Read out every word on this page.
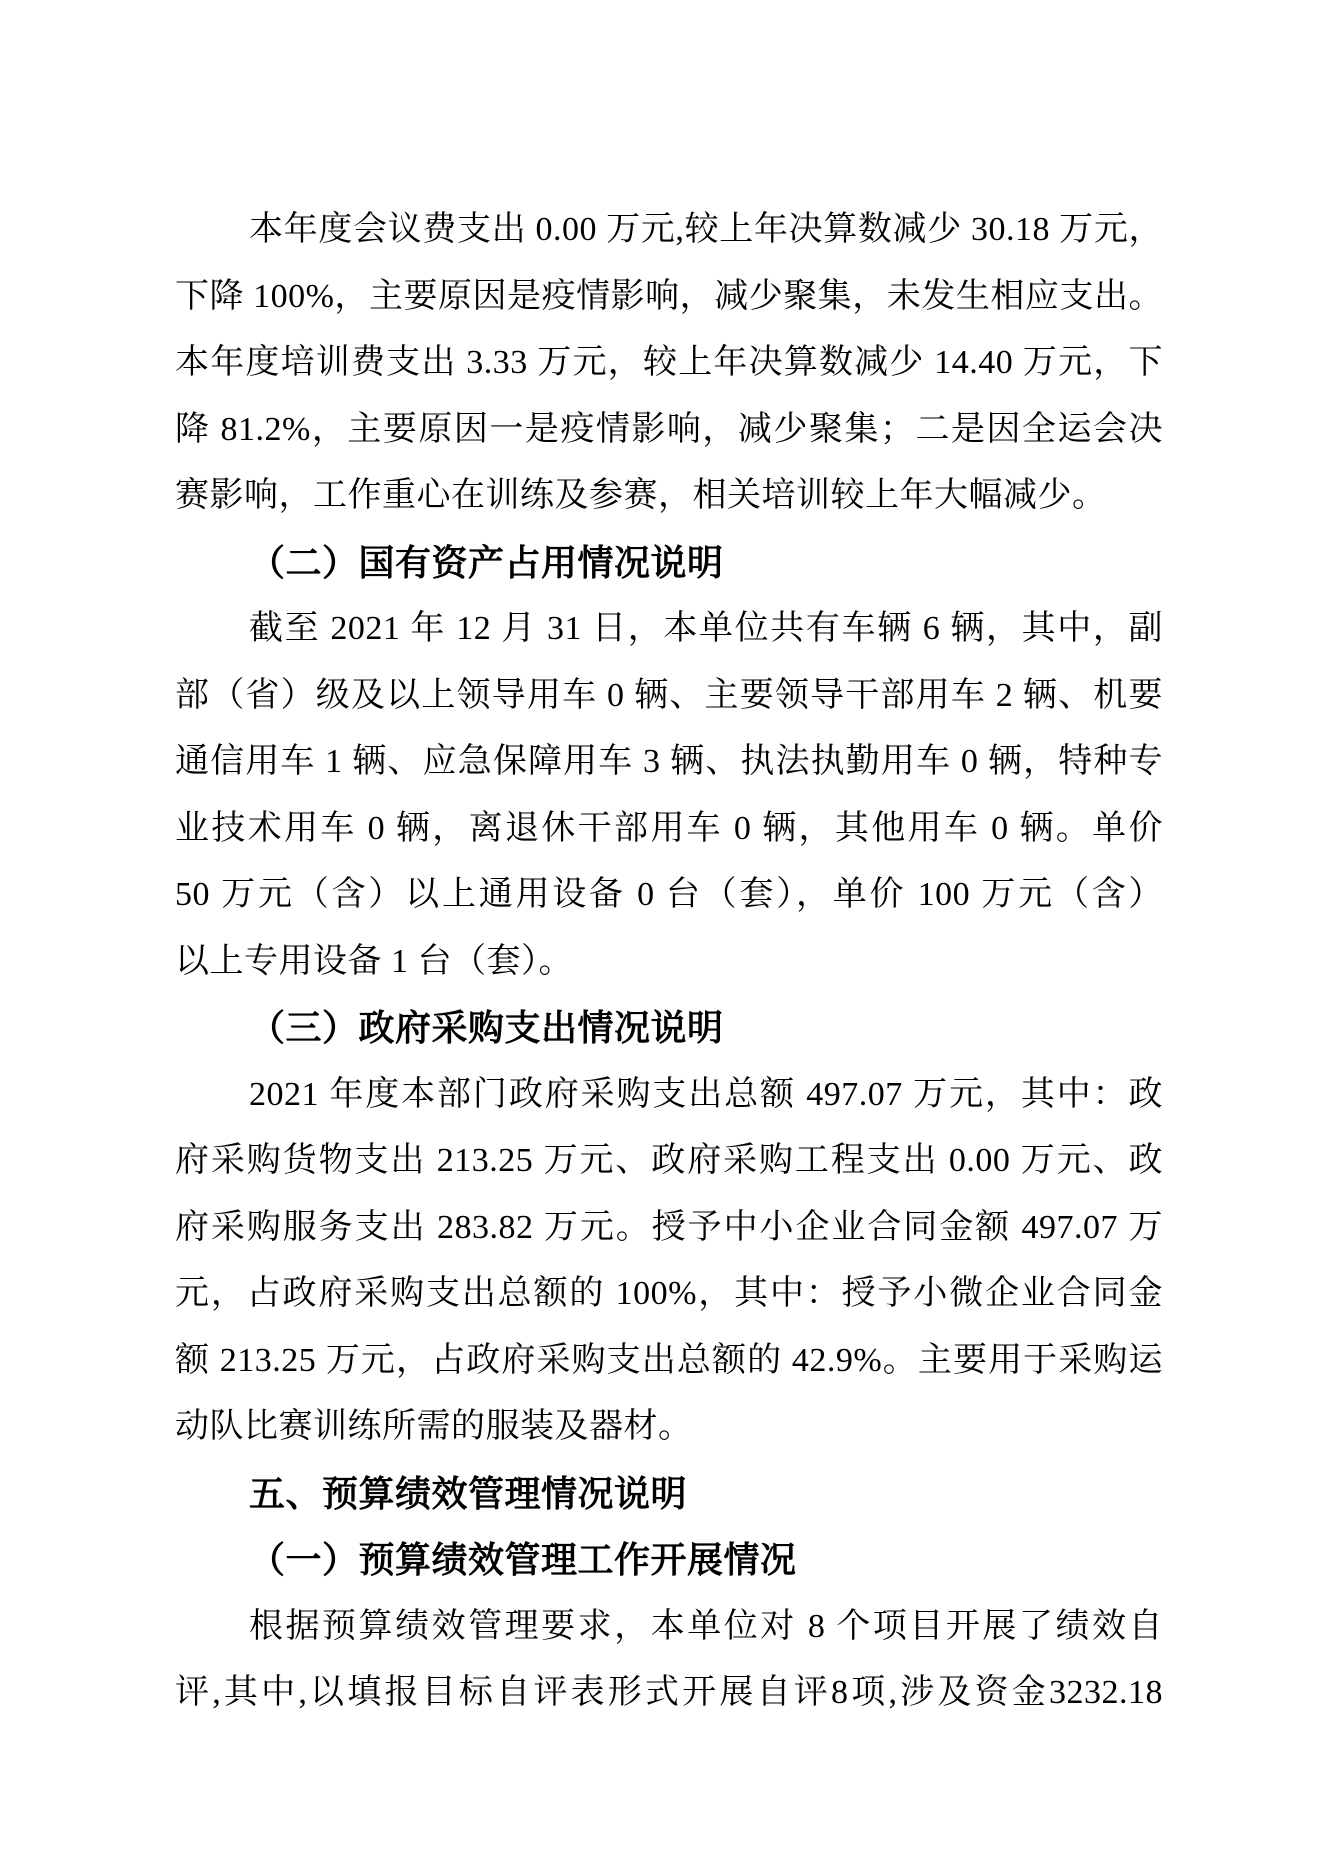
本年度会议费支出 0.00 万元,较上年决算数减少 30.18 万元，
下降 100%，主要原因是疫情影响，减少聚集，未发生相应支出。
本年度培训费支出 3.33 万元，较上年决算数减少 14.40 万元，下
降 81.2%，主要原因一是疫情影响，减少聚集；二是因全运会决
赛影响，工作重心在训练及参赛，相关培训较上年大幅减少。
（二）国有资产占用情况说明
截至 2021 年 12 月 31 日，本单位共有车辆 6 辆，其中，副
部（省）级及以上领导用车 0 辆、主要领导干部用车 2 辆、机要
通信用车 1 辆、应急保障用车 3 辆、执法执勤用车 0 辆，特种专
业技术用车 0 辆，离退休干部用车 0 辆，其他用车 0 辆。单价
50 万元（含）以上通用设备 0 台（套），单价 100 万元（含）
以上专用设备 1 台（套）。
（三）政府采购支出情况说明
2021 年度本部门政府采购支出总额 497.07 万元，其中：政
府采购货物支出 213.25 万元、政府采购工程支出 0.00 万元、政
府采购服务支出 283.82 万元。授予中小企业合同金额 497.07 万
元，占政府采购支出总额的 100%，其中：授予小微企业合同金
额 213.25 万元，占政府采购支出总额的 42.9%。主要用于采购运
动队比赛训练所需的服装及器材。
五、预算绩效管理情况说明
（一）预算绩效管理工作开展情况
根据预算绩效管理要求，本单位对 8 个项目开展了绩效自
评,其中,以填报目标自评表形式开展自评8项,涉及资金3232.18
